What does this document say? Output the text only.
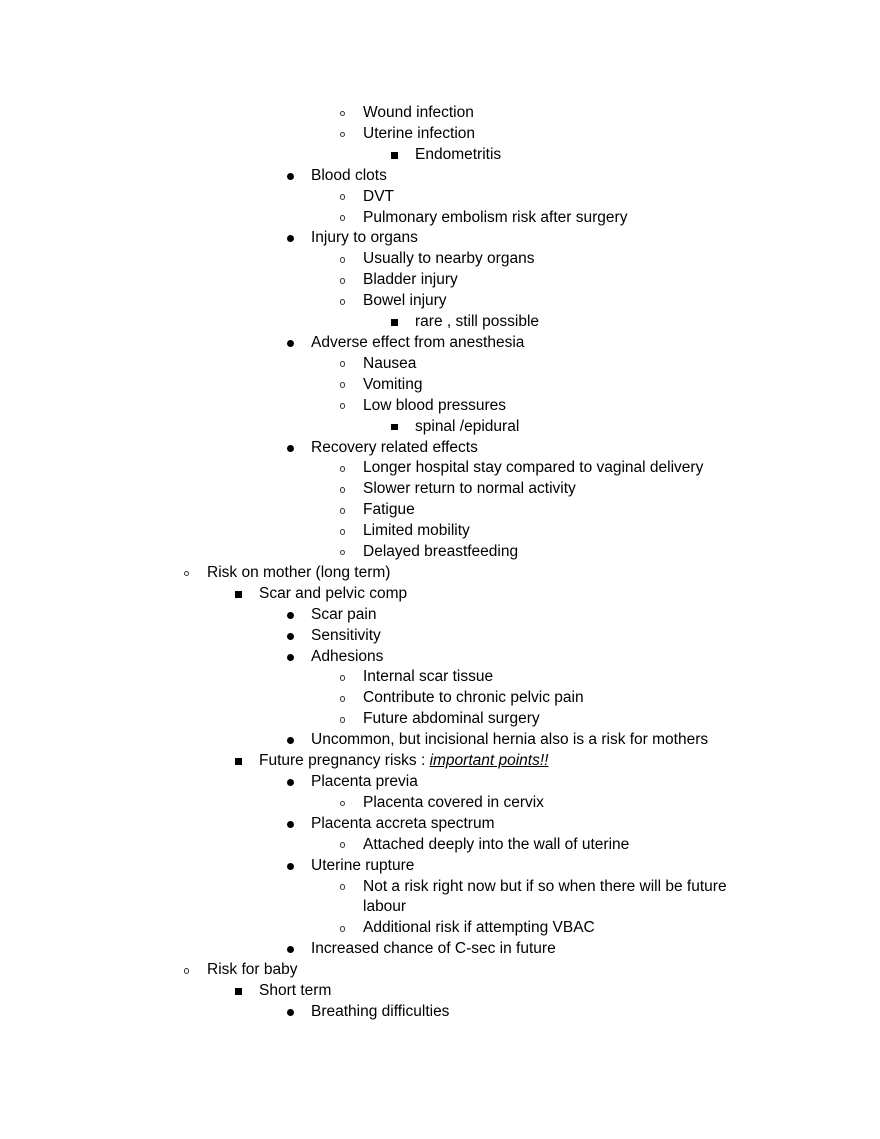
Wound infection
Uterine infection
Endometritis
Blood clots
DVT
Pulmonary embolism risk after surgery
Injury to organs
Usually to nearby organs
Bladder injury
Bowel injury
rare , still possible
Adverse effect from anesthesia
Nausea
Vomiting
Low blood pressures
spinal /epidural
Recovery related effects
Longer hospital stay compared to vaginal delivery
Slower return to normal activity
Fatigue
Limited mobility
Delayed breastfeeding
Risk on mother (long term)
Scar and pelvic comp
Scar pain
Sensitivity
Adhesions
Internal scar tissue
Contribute to chronic pelvic pain
Future abdominal surgery
Uncommon, but incisional hernia also is a risk for mothers
Future pregnancy risks : important points!!
Placenta previa
Placenta covered in cervix
Placenta accreta spectrum
Attached deeply into the wall of uterine
Uterine rupture
Not a risk right now but if so when there will be future
labour
Additional risk if attempting VBAC
Increased chance of C-sec in future
Risk for baby
Short term
Breathing difficulties
